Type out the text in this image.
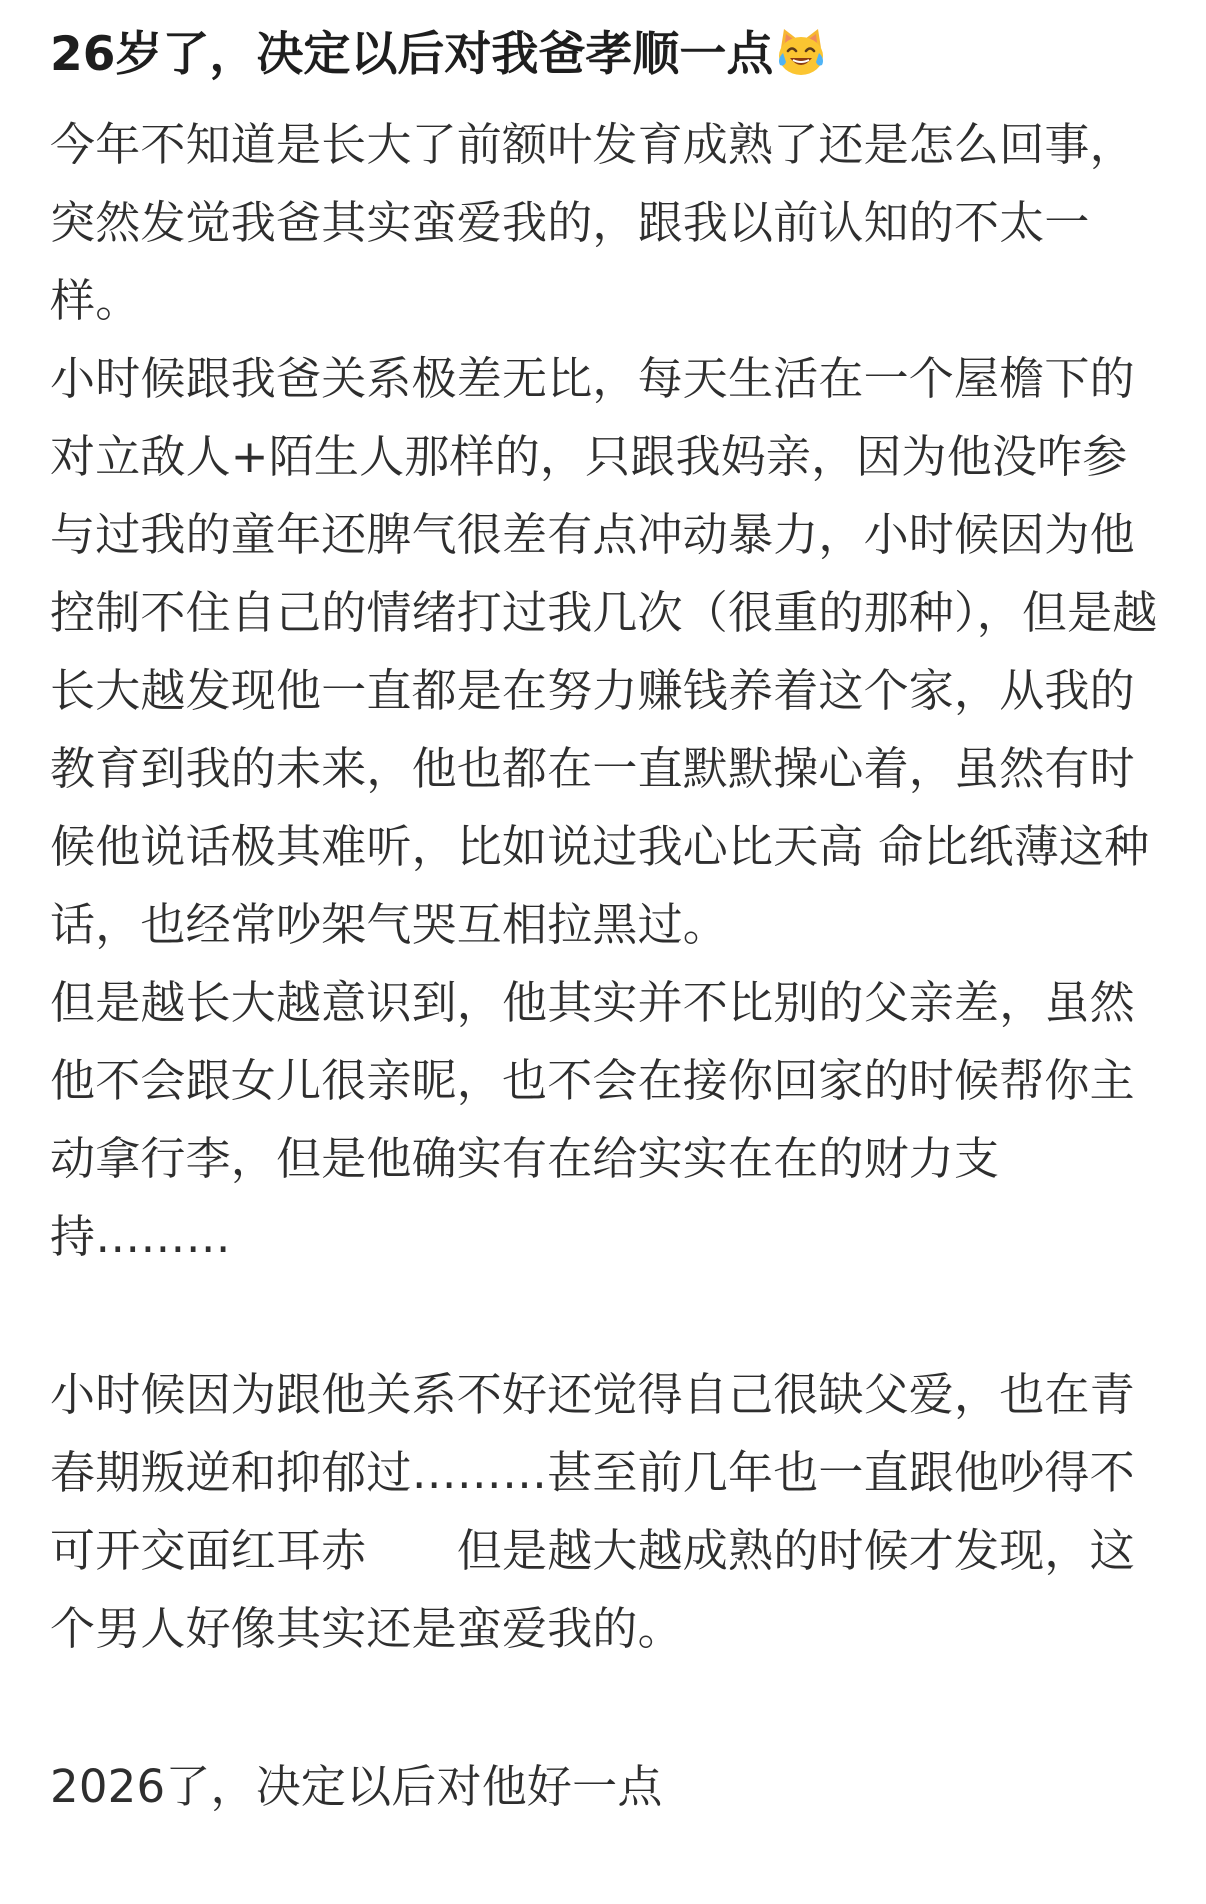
26岁了，决定以后对我爸孝顺一点

今年不知道是长大了前额叶发育成熟了还是怎么回事，突然发觉我爸其实蛮爱我的，跟我以前认知的不太一样。

小时候跟我爸关系极差无比，每天生活在一个屋檐下的对立敌人+陌生人那样的，只跟我妈亲，因为他没咋参与过我的童年还脾气很差有点冲动暴力，小时候因为他控制不住自己的情绪打过我几次（很重的那种），但是越长大越发现他一直都是在努力赚钱养着这个家，从我的教育到我的未来，他也都在一直默默操心着，虽然有时候他说话极其难听，比如说过我心比天高 命比纸薄这种话，也经常吵架气哭互相拉黑过。

但是越长大越意识到，他其实并不比别的父亲差，虽然他不会跟女儿很亲昵，也不会在接你回家的时候帮你主动拿行李，但是他确实有在给实实在在的财力支持………

小时候因为跟他关系不好还觉得自己很缺父爱，也在青春期叛逆和抑郁过………甚至前几年也一直跟他吵得不可开交面红耳赤　　但是越大越成熟的时候才发现，这个男人好像其实还是蛮爱我的。

2026了，决定以后对他好一点
